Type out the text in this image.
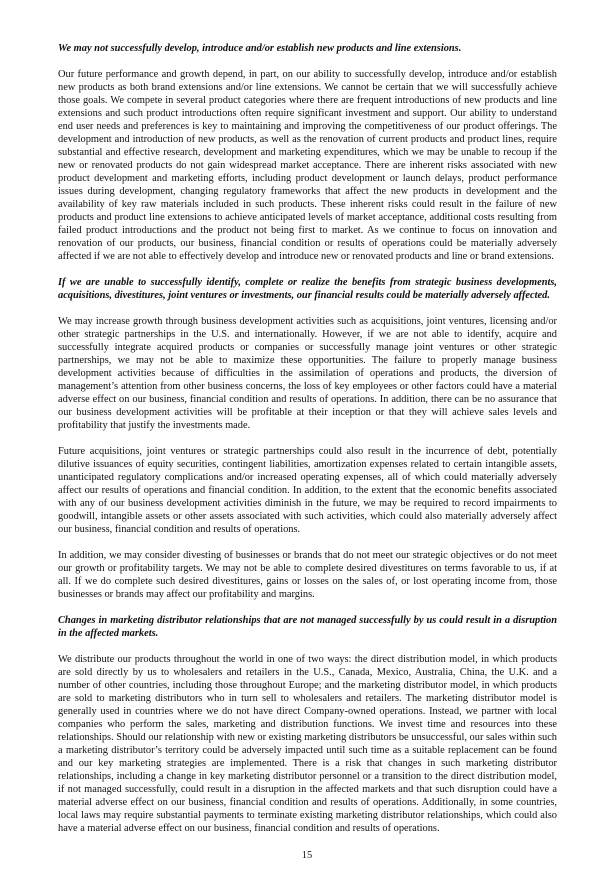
We may not successfully develop, introduce and/or establish new products and line extensions.

Our future performance and growth depend, in part, on our ability to successfully develop, introduce and/or establish new products as both brand extensions and/or line extensions. We cannot be certain that we will successfully achieve those goals. We compete in several product categories where there are frequent introductions of new products and line extensions and such product introductions often require significant investment and support. Our ability to understand end user needs and preferences is key to maintaining and improving the competitiveness of our product offerings. The development and introduction of new products, as well as the renovation of current products and product lines, require substantial and effective research, development and marketing expenditures, which we may be unable to recoup if the new or renovated products do not gain widespread market acceptance. There are inherent risks associated with new product development and marketing efforts, including product development or launch delays, product performance issues during development, changing regulatory frameworks that affect the new products in development and the availability of key raw materials included in such products. These inherent risks could result in the failure of new products and product line extensions to achieve anticipated levels of market acceptance, additional costs resulting from failed product introductions and the product not being first to market. As we continue to focus on innovation and renovation of our products, our business, financial condition or results of operations could be materially adversely affected if we are not able to effectively develop and introduce new or renovated products and line or brand extensions.

If we are unable to successfully identify, complete or realize the benefits from strategic business developments, acquisitions, divestitures, joint ventures or investments, our financial results could be materially adversely affected.

We may increase growth through business development activities such as acquisitions, joint ventures, licensing and/or other strategic partnerships in the U.S. and internationally. However, if we are not able to identify, acquire and successfully integrate acquired products or companies or successfully manage joint ventures or other strategic partnerships, we may not be able to maximize these opportunities. The failure to properly manage business development activities because of difficulties in the assimilation of operations and products, the diversion of management’s attention from other business concerns, the loss of key employees or other factors could have a material adverse effect on our business, financial condition and results of operations. In addition, there can be no assurance that our business development activities will be profitable at their inception or that they will achieve sales levels and profitability that justify the investments made.

Future acquisitions, joint ventures or strategic partnerships could also result in the incurrence of debt, potentially dilutive issuances of equity securities, contingent liabilities, amortization expenses related to certain intangible assets, unanticipated regulatory complications and/or increased operating expenses, all of which could materially adversely affect our results of operations and financial condition. In addition, to the extent that the economic benefits associated with any of our business development activities diminish in the future, we may be required to record impairments to goodwill, intangible assets or other assets associated with such activities, which could also materially adversely affect our business, financial condition and results of operations.

In addition, we may consider divesting of businesses or brands that do not meet our strategic objectives or do not meet our growth or profitability targets. We may not be able to complete desired divestitures on terms favorable to us, if at all. If we do complete such desired divestitures, gains or losses on the sales of, or lost operating income from, those businesses or brands may affect our profitability and margins.

Changes in marketing distributor relationships that are not managed successfully by us could result in a disruption in the affected markets.

We distribute our products throughout the world in one of two ways: the direct distribution model, in which products are sold directly by us to wholesalers and retailers in the U.S., Canada, Mexico, Australia, China, the U.K. and a number of other countries, including those throughout Europe; and the marketing distributor model, in which products are sold to marketing distributors who in turn sell to wholesalers and retailers. The marketing distributor model is generally used in countries where we do not have direct Company-owned operations. Instead, we partner with local companies who perform the sales, marketing and distribution functions. We invest time and resources into these relationships. Should our relationship with new or existing marketing distributors be unsuccessful, our sales within such a marketing distributor’s territory could be adversely impacted until such time as a suitable replacement can be found and our key marketing strategies are implemented. There is a risk that changes in such marketing distributor relationships, including a change in key marketing distributor personnel or a transition to the direct distribution model, if not managed successfully, could result in a disruption in the affected markets and that such disruption could have a material adverse effect on our business, financial condition and results of operations. Additionally, in some countries, local laws may require substantial payments to terminate existing marketing distributor relationships, which could also have a material adverse effect on our business, financial condition and results of operations.

15
